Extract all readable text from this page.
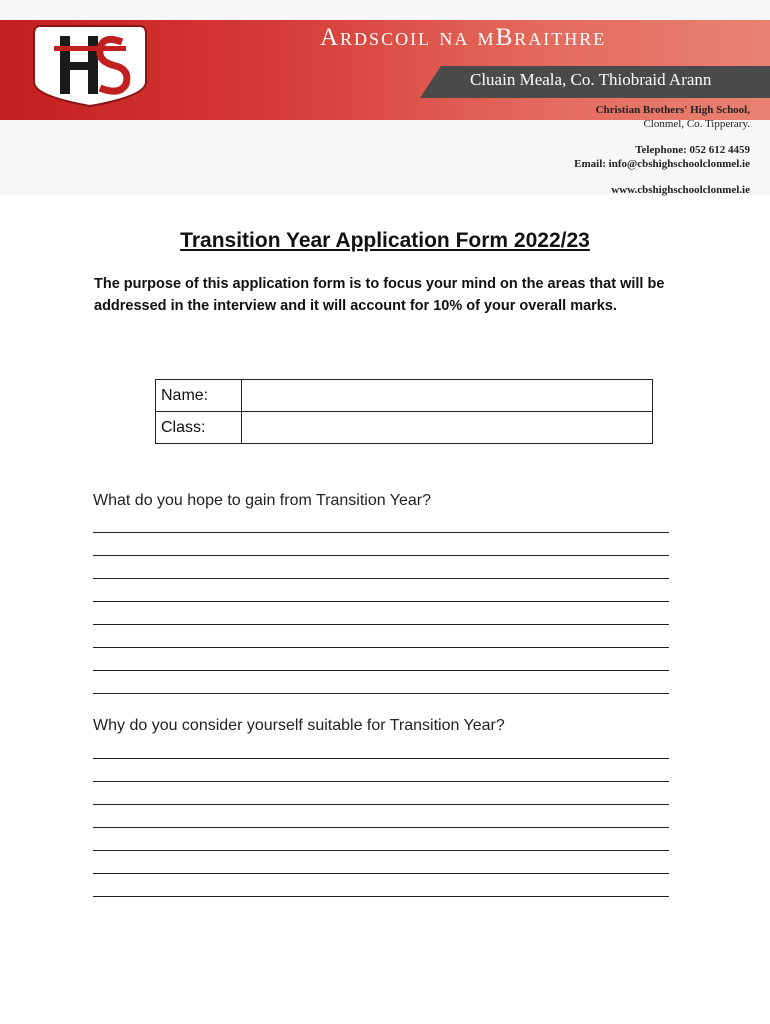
Ardscoil na mBraithre
Cluain Meala, Co. Thiobraid Arann
Christian Brothers' High School,
Clonmel, Co. Tipperary.
Telephone: 052 612 4459
Email: info@cbshighschoolclonmel.ie
www.cbshighschoolclonmel.ie
Transition Year Application Form 2022/23
The purpose of this application form is to focus your mind on the areas that will be addressed in the interview and it will account for 10% of your overall marks.
Name:	
Class:	
What do you hope to gain from Transition Year?
Why do you consider yourself suitable for Transition Year?
